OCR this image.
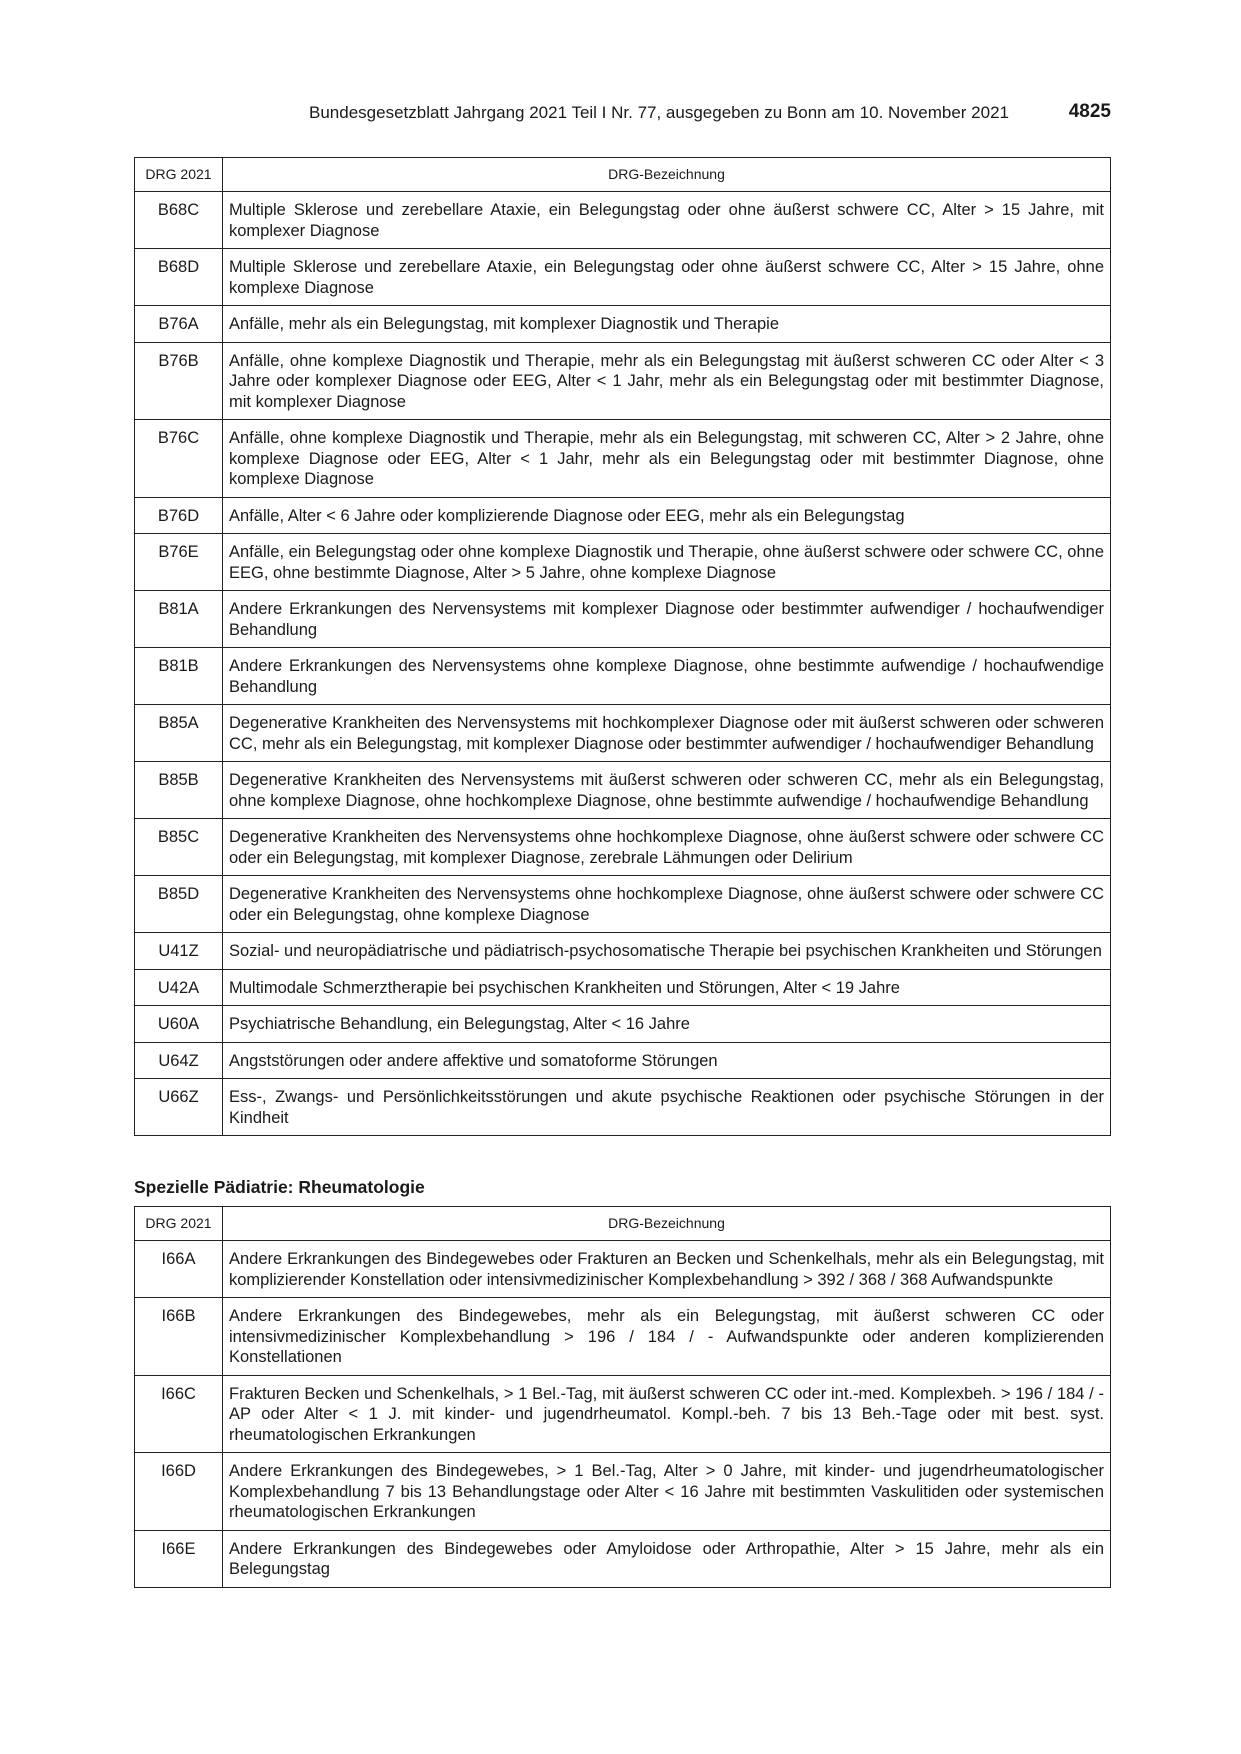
Bundesgesetzblatt Jahrgang 2021 Teil I Nr. 77, ausgegeben zu Bonn am 10. November 2021	4825
DRG 2021	DRG-Bezeichnung
B68C	Multiple Sklerose und zerebellare Ataxie, ein Belegungstag oder ohne äußerst schwere CC, Alter > 15 Jahre, mit komplexer Diagnose
B68D	Multiple Sklerose und zerebellare Ataxie, ein Belegungstag oder ohne äußerst schwere CC, Alter > 15 Jahre, ohne komplexe Diagnose
B76A	Anfälle, mehr als ein Belegungstag, mit komplexer Diagnostik und Therapie
B76B	Anfälle, ohne komplexe Diagnostik und Therapie, mehr als ein Belegungstag mit äußerst schweren CC oder Alter < 3 Jahre oder komplexer Diagnose oder EEG, Alter < 1 Jahr, mehr als ein Belegungstag oder mit bestimmter Diagnose, mit komplexer Diagnose
B76C	Anfälle, ohne komplexe Diagnostik und Therapie, mehr als ein Belegungstag, mit schweren CC, Alter > 2 Jahre, ohne komplexe Diagnose oder EEG, Alter < 1 Jahr, mehr als ein Belegungstag oder mit bestimmter Diagnose, ohne komplexe Diagnose
B76D	Anfälle, Alter < 6 Jahre oder komplizierende Diagnose oder EEG, mehr als ein Belegungstag
B76E	Anfälle, ein Belegungstag oder ohne komplexe Diagnostik und Therapie, ohne äußerst schwere oder schwere CC, ohne EEG, ohne bestimmte Diagnose, Alter > 5 Jahre, ohne komplexe Diagnose
B81A	Andere Erkrankungen des Nervensystems mit komplexer Diagnose oder bestimmter aufwendiger / hochaufwendiger Behandlung
B81B	Andere Erkrankungen des Nervensystems ohne komplexe Diagnose, ohne bestimmte aufwendige / hochaufwendige Behandlung
B85A	Degenerative Krankheiten des Nervensystems mit hochkomplexer Diagnose oder mit äußerst schweren oder schweren CC, mehr als ein Belegungstag, mit komplexer Diagnose oder bestimmter aufwendiger / hochaufwendiger Behandlung
B85B	Degenerative Krankheiten des Nervensystems mit äußerst schweren oder schweren CC, mehr als ein Belegungstag, ohne komplexe Diagnose, ohne hochkomplexe Diagnose, ohne bestimmte aufwendige / hochaufwendige Behandlung
B85C	Degenerative Krankheiten des Nervensystems ohne hochkomplexe Diagnose, ohne äußerst schwere oder schwere CC oder ein Belegungstag, mit komplexer Diagnose, zerebrale Lähmungen oder Delirium
B85D	Degenerative Krankheiten des Nervensystems ohne hochkomplexe Diagnose, ohne äußerst schwere oder schwere CC oder ein Belegungstag, ohne komplexe Diagnose
U41Z	Sozial- und neuropädiatrische und pädiatrisch-psychosomatische Therapie bei psychischen Krankheiten und Störungen
U42A	Multimodale Schmerztherapie bei psychischen Krankheiten und Störungen, Alter < 19 Jahre
U60A	Psychiatrische Behandlung, ein Belegungstag, Alter < 16 Jahre
U64Z	Angststörungen oder andere affektive und somatoforme Störungen
U66Z	Ess-, Zwangs- und Persönlichkeitsstörungen und akute psychische Reaktionen oder psychische Störungen in der Kindheit
Spezielle Pädiatrie: Rheumatologie
DRG 2021	DRG-Bezeichnung
I66A	Andere Erkrankungen des Bindegewebes oder Frakturen an Becken und Schenkelhals, mehr als ein Belegungstag, mit komplizierender Konstellation oder intensivmedizinischer Komplexbehandlung > 392 / 368 / 368 Aufwandspunkte
I66B	Andere Erkrankungen des Bindegewebes, mehr als ein Belegungstag, mit äußerst schweren CC oder intensivmedizinischer Komplexbehandlung > 196 / 184 / - Aufwandspunkte oder anderen komplizierenden Konstellationen
I66C	Frakturen Becken und Schenkelhals, > 1 Bel.-Tag, mit äußerst schweren CC oder int.-med. Komplexbeh. > 196 / 184 / - AP oder Alter < 1 J. mit kinder- und jugendrheumatol. Kompl.-beh. 7 bis 13 Beh.-Tage oder mit best. syst. rheumatologischen Erkrankungen
I66D	Andere Erkrankungen des Bindegewebes, > 1 Bel.-Tag, Alter > 0 Jahre, mit kinder- und jugendrheumatologischer Komplexbehandlung 7 bis 13 Behandlungstage oder Alter < 16 Jahre mit bestimmten Vaskulitiden oder systemischen rheumatologischen Erkrankungen
I66E	Andere Erkrankungen des Bindegewebes oder Amyloidose oder Arthropathie, Alter > 15 Jahre, mehr als ein Belegungstag
